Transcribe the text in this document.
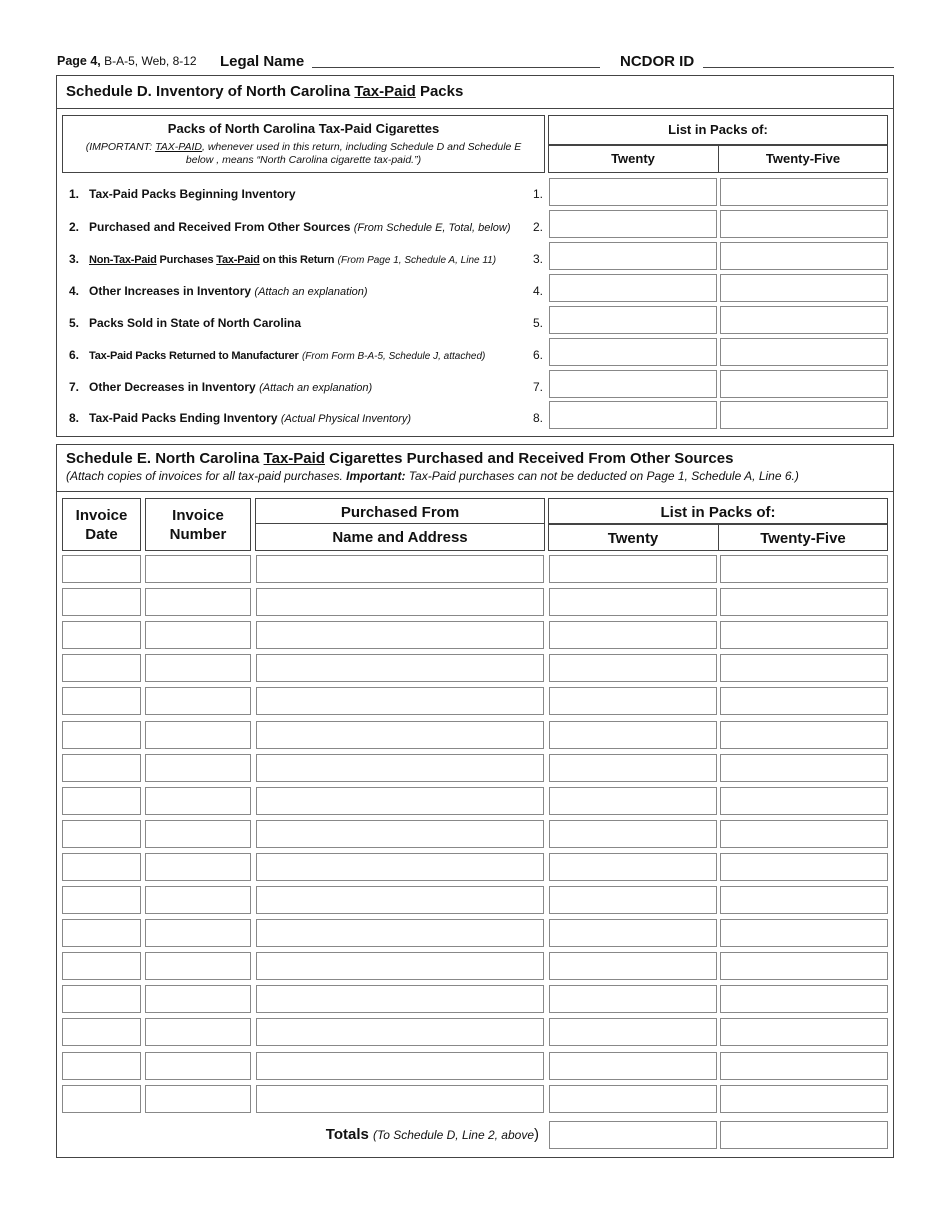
Page 4, B-A-5, Web, 8-12 Legal Name	NCDOR ID
Schedule D. Inventory of North Carolina Tax-Paid Packs
Packs of North Carolina Tax-Paid Cigarettes
(IMPORTANT: TAX-PAID, whenever used in this return, including Schedule D and Schedule E below , means “North Carolina cigarette tax-paid.”)
List in Packs of:
Twenty	Twenty-Five
1. Tax-Paid Packs Beginning Inventory	1.
2. Purchased and Received From Other Sources (From Schedule E, Total, below) 2.
3. Non-Tax-Paid Purchases Tax-Paid on this Return (From Page 1, Schedule A, Line 11)	3.
4. Other Increases in Inventory (Attach an explanation)	4.
5. Packs Sold in State of North Carolina	5.
6. Tax-Paid Packs Returned to Manufacturer (From Form B-A-5, Schedule J, attached)	6.
7. Other Decreases in Inventory (Attach an explanation)	7.
8. Tax-Paid Packs Ending Inventory (Actual Physical Inventory)	8.
Schedule E. North Carolina Tax-Paid Cigarettes Purchased and Received From Other Sources
(Attach copies of invoices for all tax-paid purchases. Important: Tax-Paid purchases can not be deducted on Page 1, Schedule A, Line 6.)
Invoice Date
Invoice Number
Purchased From
Name and Address
List in Packs of:
Twenty	Twenty-Five
Totals (To Schedule D, Line 2, above)
